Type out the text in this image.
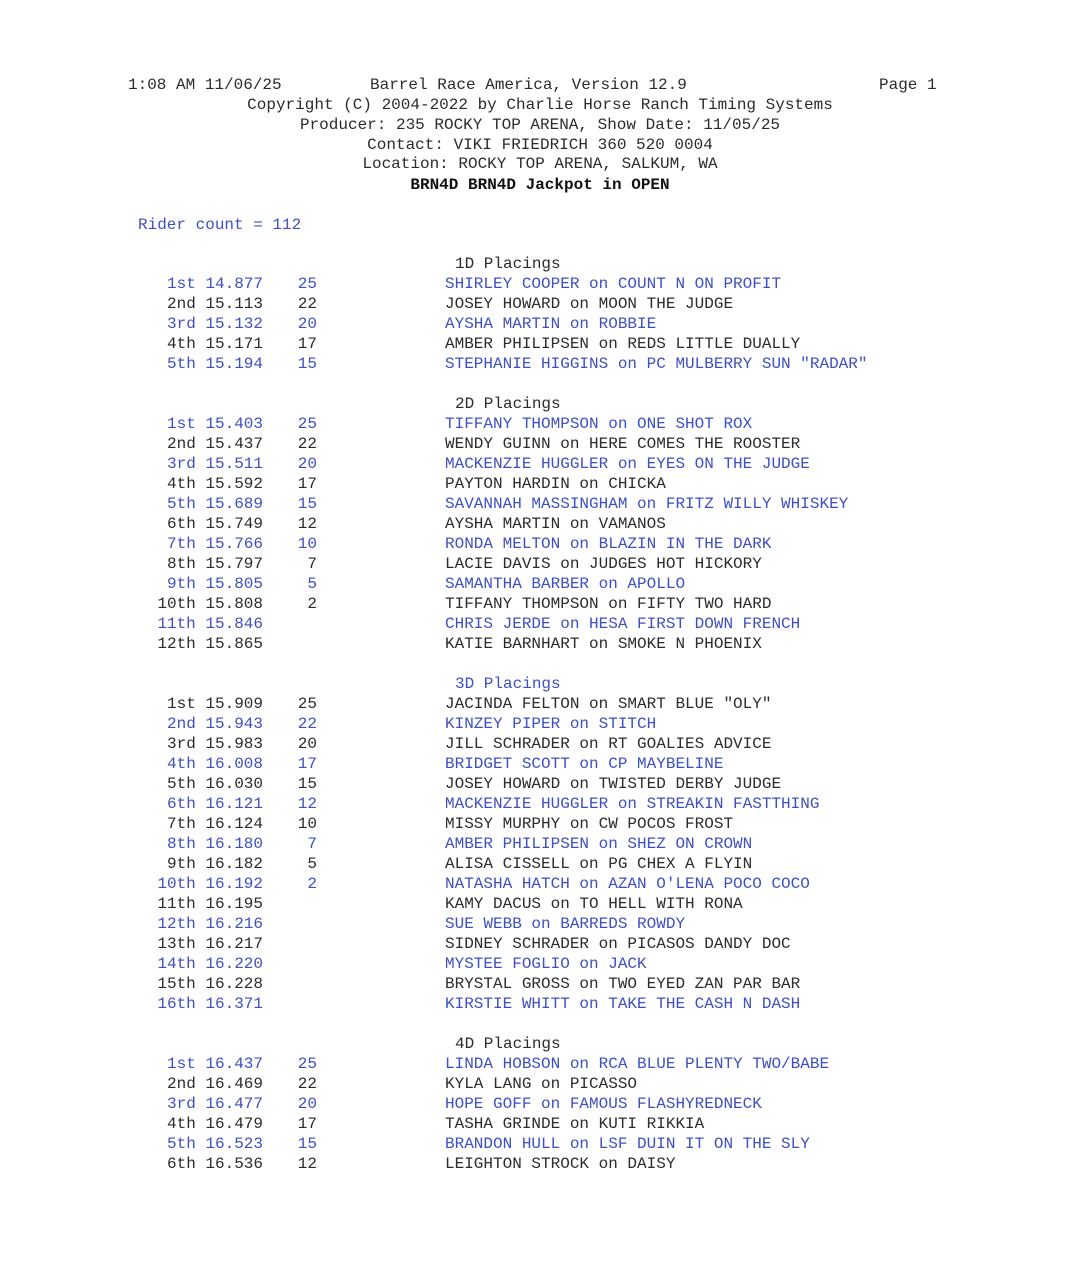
1:08 AM 11/06/25	Barrel Race America, Version 12.9	Page 1
Copyright (C) 2004-2022 by Charlie Horse Ranch Timing Systems
Producer: 235 ROCKY TOP ARENA, Show Date: 11/05/25
Contact: VIKI FRIEDRICH 360 520 0004
Location: ROCKY TOP ARENA, SALKUM, WA
BRN4D BRN4D Jackpot in OPEN
Rider count = 112
1D Placings
1st 14.877 25	SHIRLEY COOPER on COUNT N ON PROFIT
2nd 15.113 22	JOSEY HOWARD on MOON THE JUDGE
3rd 15.132 20	AYSHA MARTIN on ROBBIE
4th 15.171 17	AMBER PHILIPSEN on REDS LITTLE DUALLY
5th 15.194 15	STEPHANIE HIGGINS on PC MULBERRY SUN "RADAR"
2D Placings
1st 15.403 25	TIFFANY THOMPSON on ONE SHOT ROX
2nd 15.437 22	WENDY GUINN on HERE COMES THE ROOSTER
3rd 15.511 20	MACKENZIE HUGGLER on EYES ON THE JUDGE
4th 15.592 17	PAYTON HARDIN on CHICKA
5th 15.689 15	SAVANNAH MASSINGHAM on FRITZ WILLY WHISKEY
6th 15.749 12	AYSHA MARTIN on VAMANOS
7th 15.766 10	RONDA MELTON on BLAZIN IN THE DARK
8th 15.797	7	LACIE DAVIS on JUDGES HOT HICKORY
9th 15.805	5	SAMANTHA BARBER on APOLLO
10th 15.808	2	TIFFANY THOMPSON on FIFTY TWO HARD
11th 15.846	CHRIS JERDE on HESA FIRST DOWN FRENCH
12th 15.865	KATIE BARNHART on SMOKE N PHOENIX
3D Placings
1st 15.909 25	JACINDA FELTON on SMART BLUE "OLY"
2nd 15.943 22	KINZEY PIPER on STITCH
3rd 15.983 20	JILL SCHRADER on RT GOALIES ADVICE
4th 16.008 17	BRIDGET SCOTT on CP MAYBELINE
5th 16.030 15	JOSEY HOWARD on TWISTED DERBY JUDGE
6th 16.121 12	MACKENZIE HUGGLER on STREAKIN FASTTHING
7th 16.124 10	MISSY MURPHY on CW POCOS FROST
8th 16.180	7	AMBER PHILIPSEN on SHEZ ON CROWN
9th 16.182	5	ALISA CISSELL on PG CHEX A FLYIN
10th 16.192	2	NATASHA HATCH on AZAN O'LENA POCO COCO
11th 16.195	KAMY DACUS on TO HELL WITH RONA
12th 16.216	SUE WEBB on BARREDS ROWDY
13th 16.217	SIDNEY SCHRADER on PICASOS DANDY DOC
14th 16.220	MYSTEE FOGLIO on JACK
15th 16.228	BRYSTAL GROSS on TWO EYED ZAN PAR BAR
16th 16.371	KIRSTIE WHITT on TAKE THE CASH N DASH
4D Placings
1st 16.437 25	LINDA HOBSON on RCA BLUE PLENTY TWO/BABE
2nd 16.469 22	KYLA LANG on PICASSO
3rd 16.477 20	HOPE GOFF on FAMOUS FLASHYREDNECK
4th 16.479 17	TASHA GRINDE on KUTI RIKKIA
5th 16.523 15	BRANDON HULL on LSF DUIN IT ON THE SLY
6th 16.536 12	LEIGHTON STROCK on DAISY
